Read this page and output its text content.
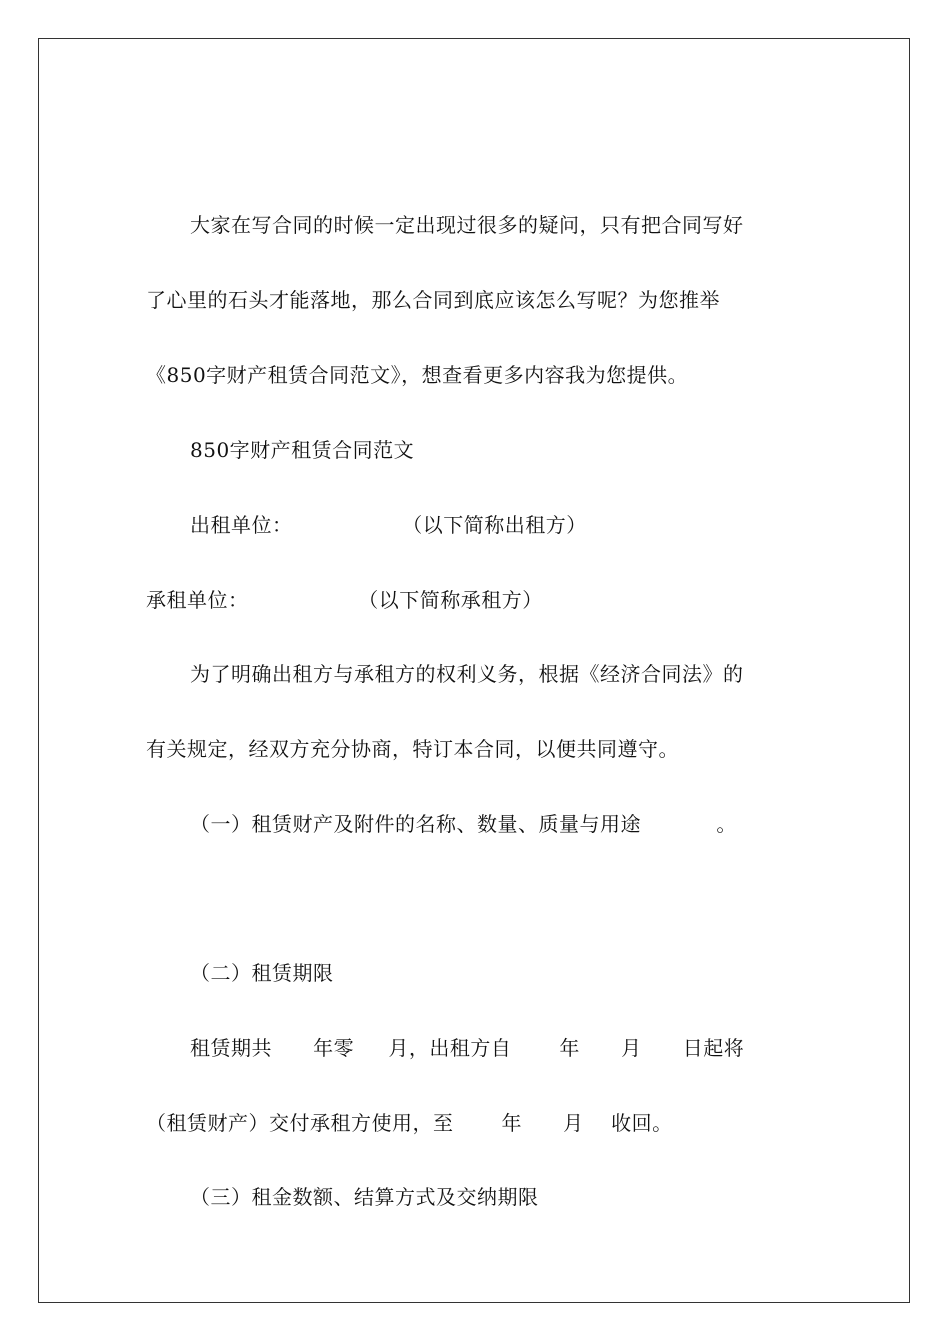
大家在写合同的时候一定出现过很多的疑问，只有把合同写好
了心里的石头才能落地，那么合同到底应该怎么写呢？为您推举
《850字财产租赁合同范文》，想查看更多内容我为您提供。
850字财产租赁合同范文
出租单位：                （以下简称出租方）
承租单位：                （以下简称承租方）
为了明确出租方与承租方的权利义务，根据《经济合同法》的
有关规定，经双方充分协商，特订本合同，以便共同遵守。
（一）租赁财产及附件的名称、数量、质量与用途           。
（二）租赁期限
租赁期共      年零     月，出租方自       年      月      日起将
（租赁财产）交付承租方使用，至       年      月    收回。
（三）租金数额、结算方式及交纳期限
